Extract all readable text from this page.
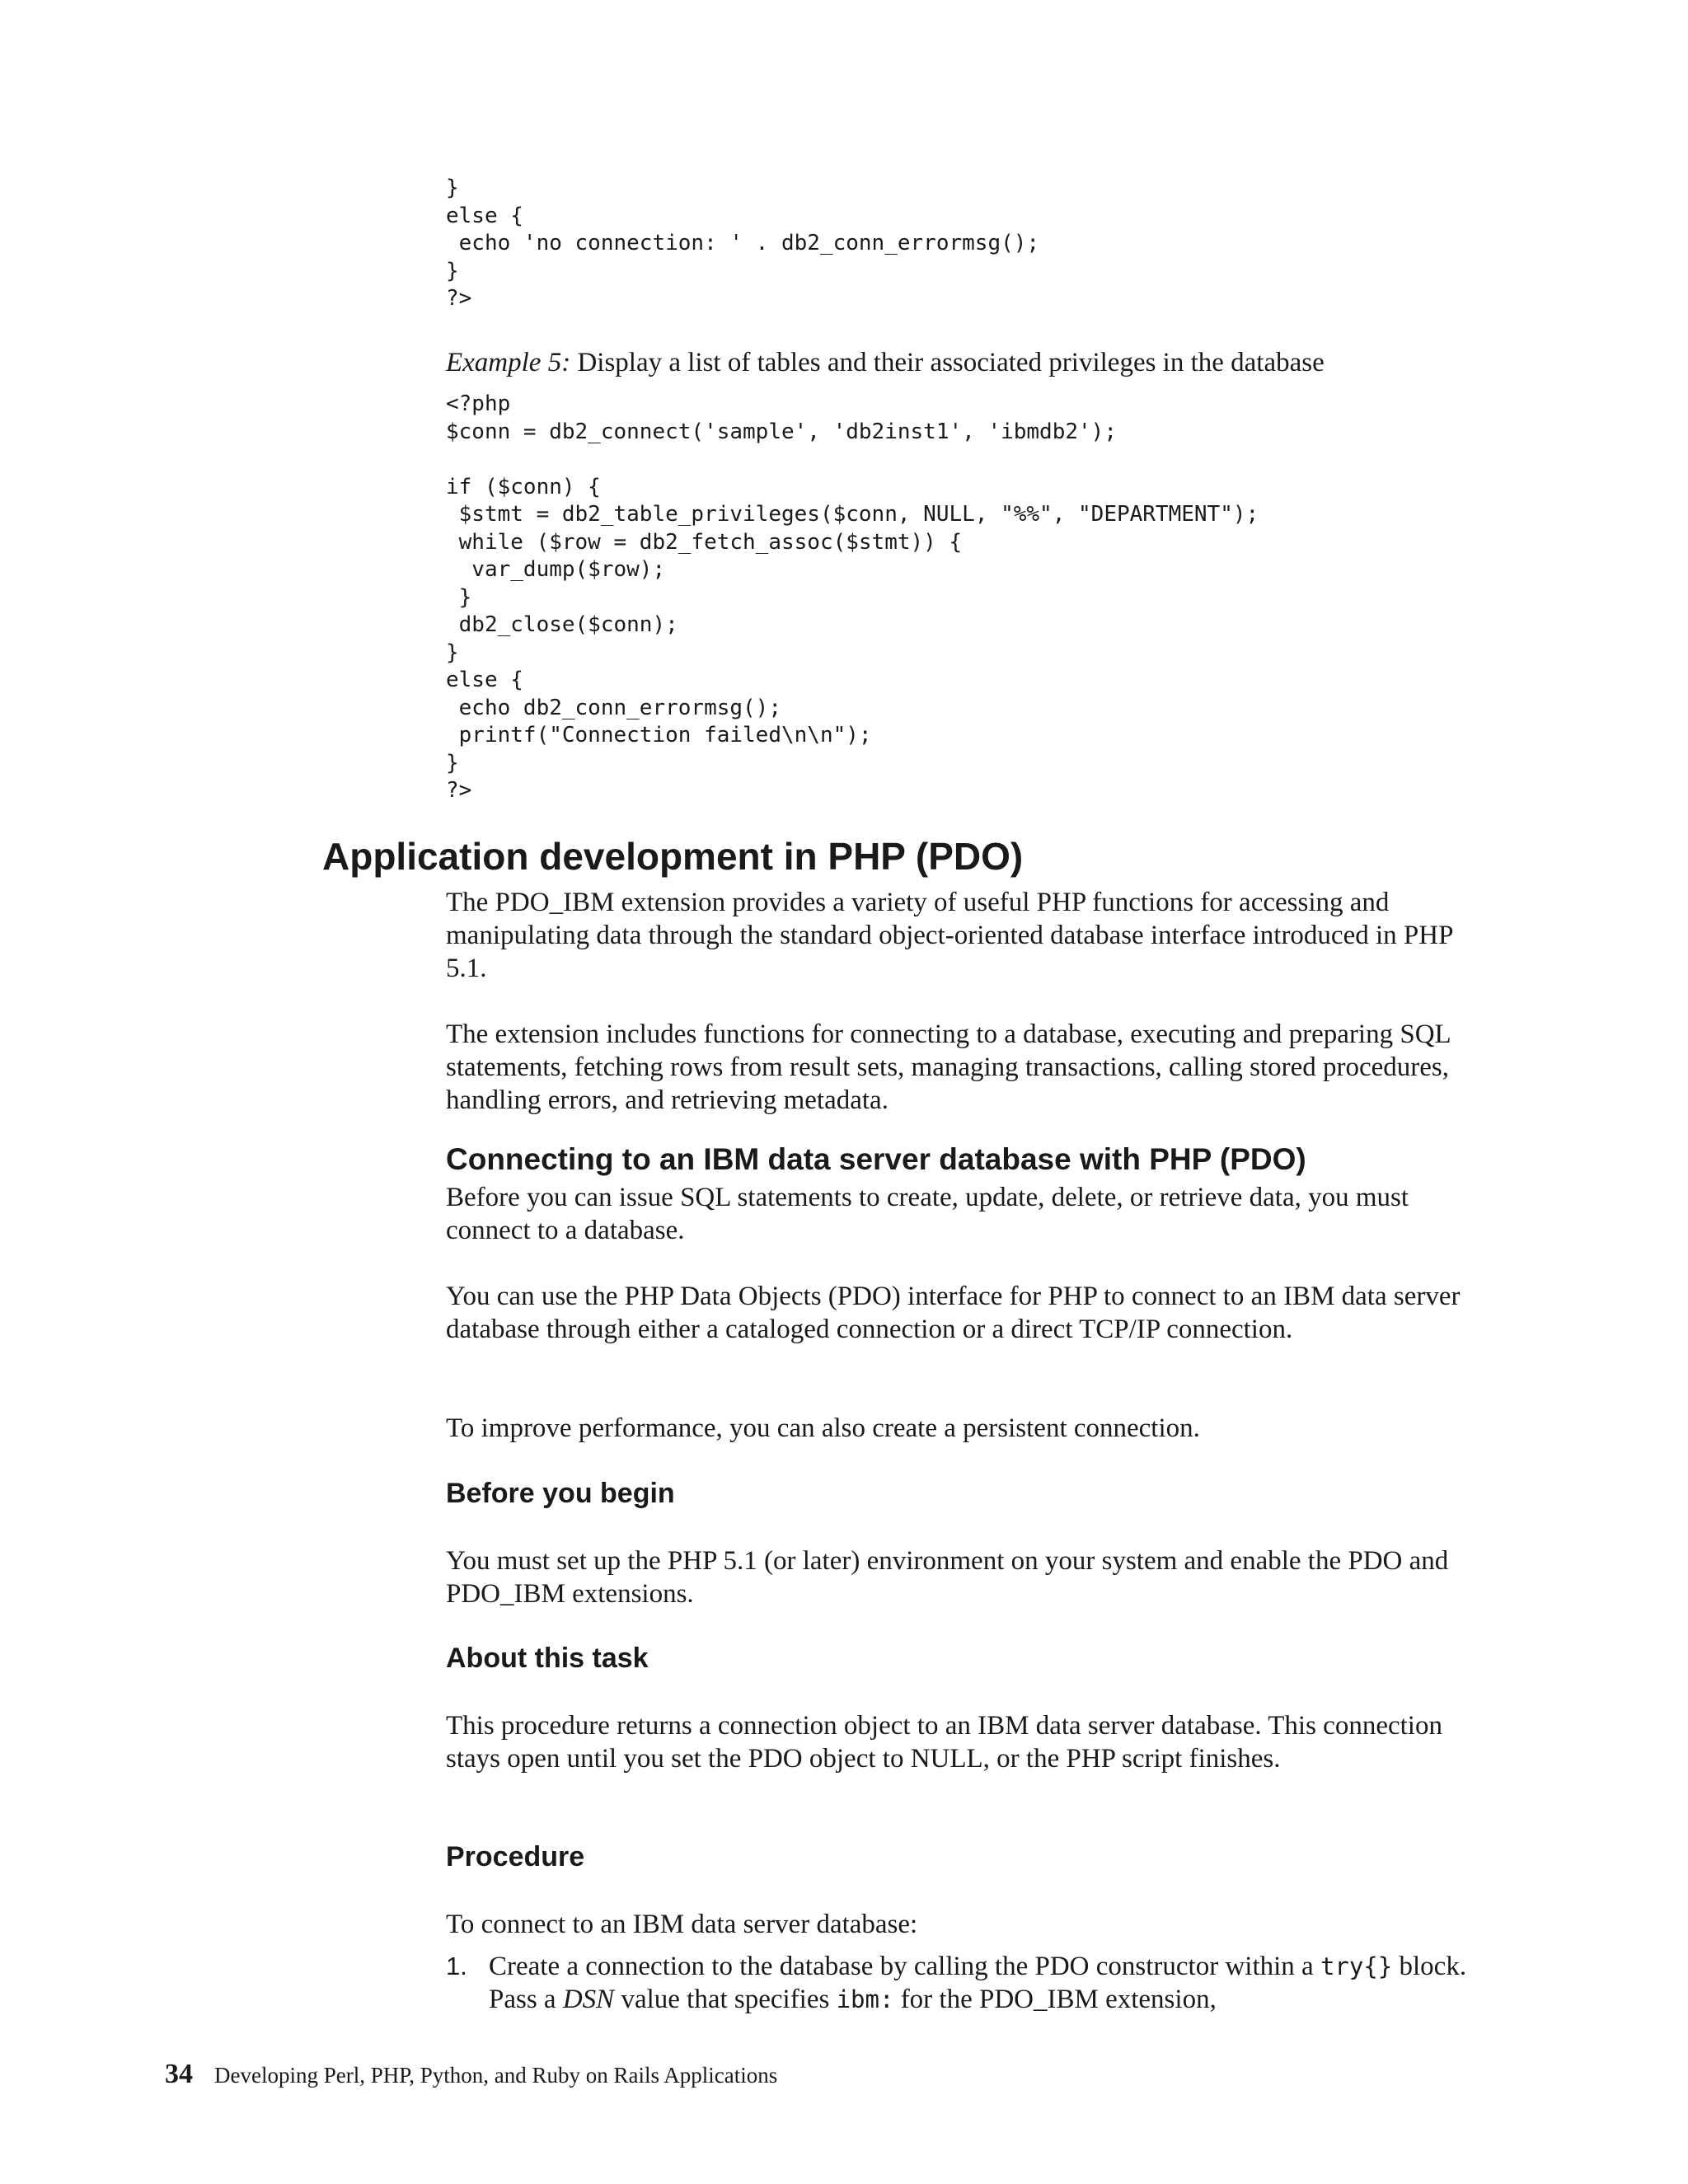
}
else {
echo 'no connection: ' . db2_conn_errormsg();
}
?>

Example 5: Display a list of tables and their associated privileges in the database

<?php
$conn = db2_connect('sample', 'db2inst1', 'ibmdb2');

if ($conn) {
$stmt = db2_table_privileges($conn, NULL, "%%", "DEPARTMENT");
while ($row = db2_fetch_assoc($stmt)) {
var_dump($row);
}
db2_close($conn);
}
else {
echo db2_conn_errormsg();
printf("Connection failed\n\n");
}
?>
Application development in PHP (PDO)

The PDO_IBM extension provides a variety of useful PHP functions for accessing and manipulating data through the standard object-oriented database interface introduced in PHP 5.1.

The extension includes functions for connecting to a database, executing and preparing SQL statements, fetching rows from result sets, managing transactions, calling stored procedures, handling errors, and retrieving metadata.

Connecting to an IBM data server database with PHP (PDO)

Before you can issue SQL statements to create, update, delete, or retrieve data, you must connect to a database.

You can use the PHP Data Objects (PDO) interface for PHP to connect to an IBM data server database through either a cataloged connection or a direct TCP/IP connection.

To improve performance, you can also create a persistent connection.

Before you begin

You must set up the PHP 5.1 (or later) environment on your system and enable the PDO and PDO_IBM extensions.

About this task

This procedure returns a connection object to an IBM data server database. This connection stays open until you set the PDO object to NULL, or the PHP script finishes.

Procedure

To connect to an IBM data server database:

1. Create a connection to the database by calling the PDO constructor within a try{} block. Pass a DSN value that specifies ibm: for the PDO_IBM extension,
34 Developing Perl, PHP, Python, and Ruby on Rails Applications
